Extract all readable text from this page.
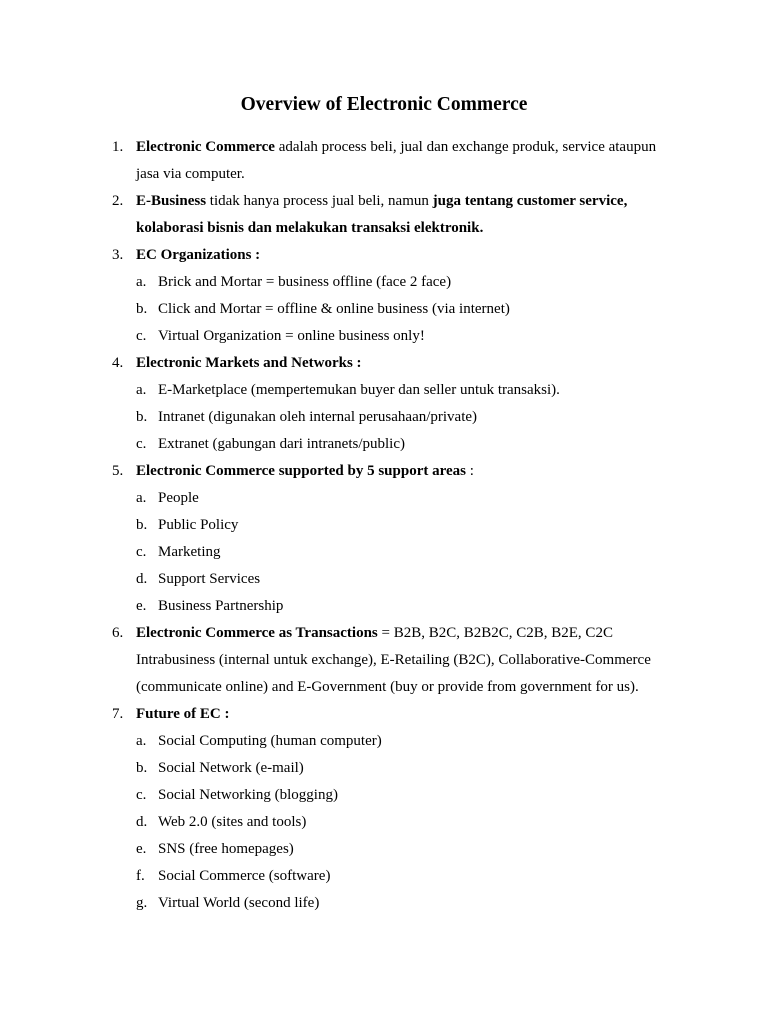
Overview of Electronic Commerce
1. Electronic Commerce adalah process beli, jual dan exchange produk, service ataupun jasa via computer.
2. E-Business tidak hanya process jual beli, namun juga tentang customer service, kolaborasi bisnis dan melakukan transaksi elektronik.
3. EC Organizations :
a. Brick and Mortar = business offline (face 2 face)
b. Click and Mortar = offline & online business (via internet)
c. Virtual Organization = online business only!
4. Electronic Markets and Networks :
a. E-Marketplace (mempertemukan buyer dan seller untuk transaksi).
b. Intranet (digunakan oleh internal perusahaan/private)
c. Extranet (gabungan dari intranets/public)
5. Electronic Commerce supported by 5 support areas :
a. People
b. Public Policy
c. Marketing
d. Support Services
e. Business Partnership
6. Electronic Commerce as Transactions = B2B, B2C, B2B2C, C2B, B2E, C2C Intrabusiness (internal untuk exchange), E-Retailing (B2C), Collaborative-Commerce (communicate online) and E-Government (buy or provide from government for us).
7. Future of EC :
a. Social Computing (human computer)
b. Social Network (e-mail)
c. Social Networking (blogging)
d. Web 2.0 (sites and tools)
e. SNS (free homepages)
f. Social Commerce (software)
g. Virtual World (second life)
